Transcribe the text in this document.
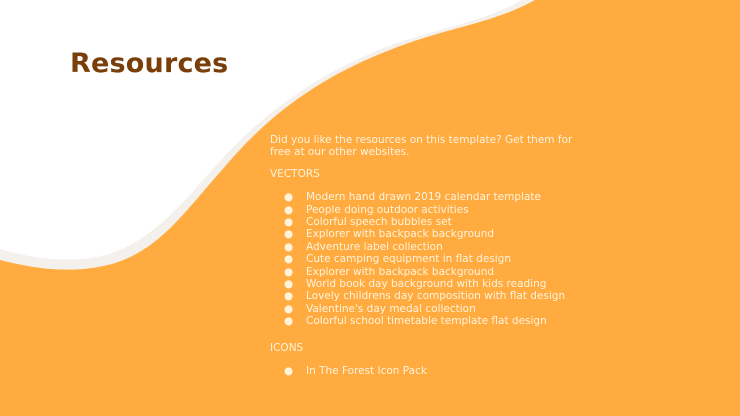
Resources

Did you like the resources on this template? Get them for free at our other websites.

VECTORS

● Modern hand drawn 2019 calendar template
● People doing outdoor activities
● Colorful speech bubbles set
● Explorer with backpack background
● Adventure label collection
● Cute camping equipment in flat design
● Explorer with backpack background
● World book day background with kids reading
● Lovely childrens day composition with flat design
● Valentine's day medal collection
● Colorful school timetable template flat design

ICONS

● In The Forest Icon Pack
